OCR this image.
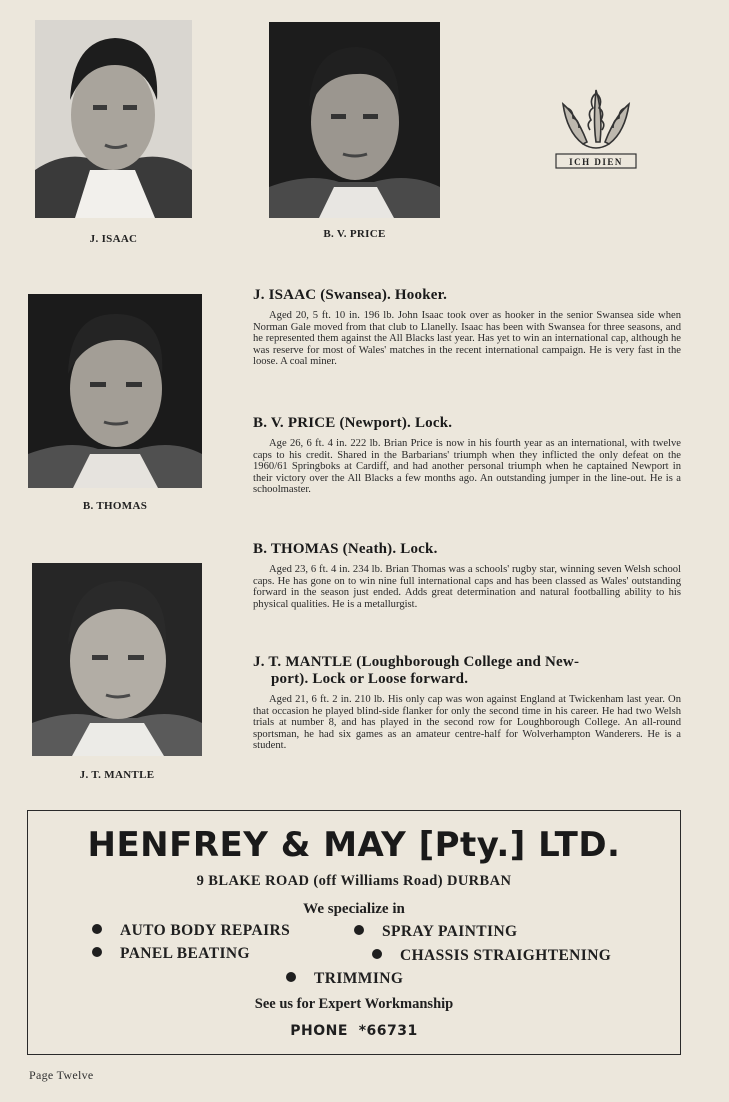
J. ISAAC	B. V. PRICE
ICH DIEN
B. THOMAS
J. T. MANTLE
J. ISAAC (Swansea). Hooker.

Aged 20, 5 ft. 10 in. 196 lb. John Isaac took over as hooker in the senior Swansea side when Norman Gale moved from that club to Llanelly. Isaac has been with Swansea for three seasons, and he represented them against the All Blacks last year. Has yet to win an international cap, although he was reserve for most of Wales' matches in the recent international campaign. He is very fast in the loose. A coal miner.

B. V. PRICE (Newport). Lock.

Age 26, 6 ft. 4 in. 222 lb. Brian Price is now in his fourth year as an international, with twelve caps to his credit. Shared in the Barbarians' triumph when they inflicted the only defeat on the 1960/61 Springboks at Cardiff, and had another personal triumph when he captained Newport in their victory over the All Blacks a few months ago. An outstanding jumper in the line-out. He is a schoolmaster.

B. THOMAS (Neath). Lock.

Aged 23, 6 ft. 4 in. 234 lb. Brian Thomas was a schools' rugby star, winning seven Welsh school caps. He has gone on to win nine full international caps and has been classed as Wales' outstanding forward in the season just ended. Adds great determination and natural footballing ability to his physical qualities. He is a metallurgist.

J. T. MANTLE (Loughborough College and New-
port). Lock or Loose forward.

Aged 21, 6 ft. 2 in. 210 lb. His only cap was won against England at Twickenham last year. On that occasion he played blind-side flanker for only the second time in his career. He had two Welsh trials at number 8, and has played in the second row for Loughborough College. An all-round sportsman, he had six games as an amateur centre-half for Wolverhampton Wanderers. He is a student.

HENFREY & MAY [Pty.] LTD.
9 BLAKE ROAD (off Williams Road) DURBAN
We specialize in
AUTO BODY REPAIRS	SPRAY PAINTING
PANEL BEATING	CHASSIS STRAIGHTENING
TRIMMING
See us for Expert Workmanship
PHONE  *66731
Page Twelve
